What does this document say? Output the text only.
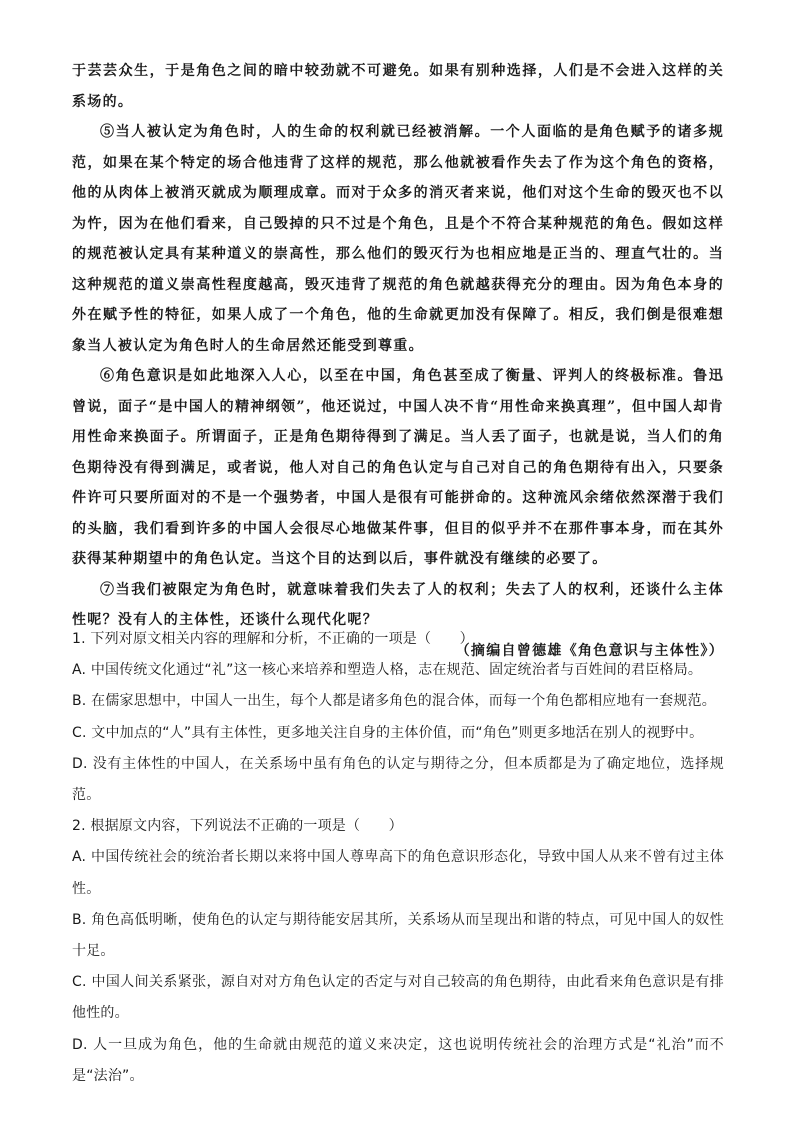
于芸芸众生，于是角色之间的暗中较劲就不可避免。如果有别种选择，人们是不会进入这样的关系场的。

⑤当人被认定为角色时，人的生命的权利就已经被消解。一个人面临的是角色赋予的诸多规范，如果在某个特定的场合他违背了这样的规范，那么他就被看作失去了作为这个角色的资格，他的从肉体上被消灭就成为顺理成章。而对于众多的消灭者来说，他们对这个生命的毁灭也不以为忤，因为在他们看来，自己毁掉的只不过是个角色，且是个不符合某种规范的角色。假如这样的规范被认定具有某种道义的崇高性，那么他们的毁灭行为也相应地是正当的、理直气壮的。当这种规范的道义崇高性程度越高，毁灭违背了规范的角色就越获得充分的理由。因为角色本身的外在赋予性的特征，如果人成了一个角色，他的生命就更加没有保障了。相反，我们倒是很难想象当人被认定为角色时人的生命居然还能受到尊重。

⑥角色意识是如此地深入人心，以至在中国，角色甚至成了衡量、评判人的终极标准。鲁迅曾说，面子“是中国人的精神纲领”，他还说过，中国人决不肯“用性命来换真理”，但中国人却肯用性命来换面子。所谓面子，正是角色期待得到了满足。当人丢了面子，也就是说，当人们的角色期待没有得到满足，或者说，他人对自己的角色认定与自己对自己的角色期待有出入，只要条件许可只要所面对的不是一个强势者，中国人是很有可能拼命的。这种流风余绪依然深潜于我们的头脑，我们看到许多的中国人会很尽心地做某件事，但目的似乎并不在那件事本身，而在其外获得某种期望中的角色认定。当这个目的达到以后，事件就没有继续的必要了。

⑦当我们被限定为角色时，就意味着我们失去了人的权利；失去了人的权利，还谈什么主体性呢？没有人的主体性，还谈什么现代化呢？

（摘编自曾德雄《角色意识与主体性》）

1. 下列对原文相关内容的理解和分析，不正确的一项是（　　）

A. 中国传统文化通过“礼”这一核心来培养和塑造人格，志在规范、固定统治者与百姓间的君臣格局。

B. 在儒家思想中，中国人一出生，每个人都是诸多角色的混合体，而每一个角色都相应地有一套规范。

C. 文中加点的“人”具有主体性，更多地关注自身的主体价值，而“角色”则更多地活在别人的视野中。

D. 没有主体性的中国人，在关系场中虽有角色的认定与期待之分，但本质都是为了确定地位，选择规范。

2. 根据原文内容，下列说法不正确的一项是（　　）

A. 中国传统社会的统治者长期以来将中国人尊卑高下的角色意识形态化，导致中国人从来不曾有过主体性。

B. 角色高低明晰，使角色的认定与期待能安居其所，关系场从而呈现出和谐的特点，可见中国人的奴性十足。

C. 中国人间关系紧张，源自对对方角色认定的否定与对自己较高的角色期待，由此看来角色意识是有排他性的。

D. 人一旦成为角色，他的生命就由规范的道义来决定，这也说明传统社会的治理方式是“礼治”而不是“法治”。
